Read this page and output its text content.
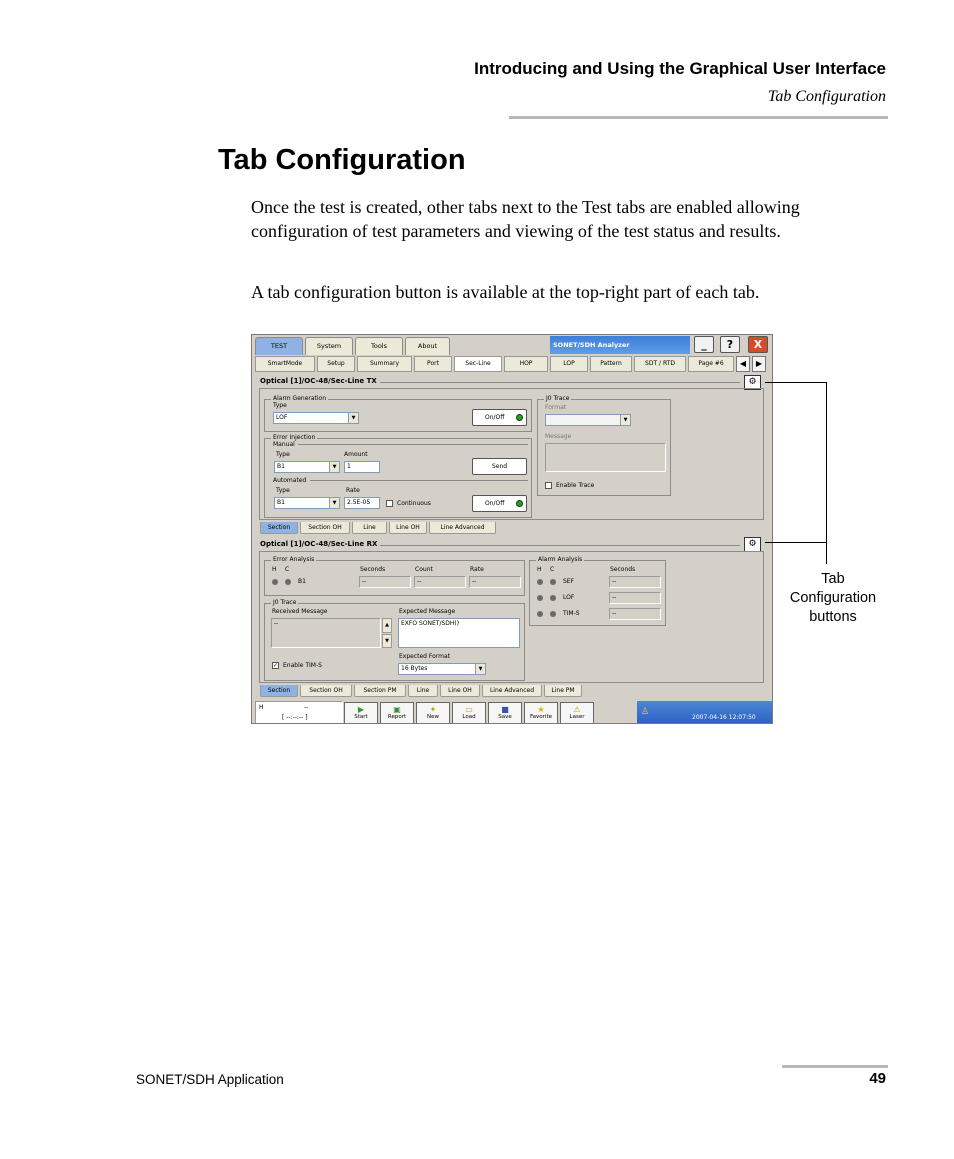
Introducing and Using the Graphical User Interface
Tab Configuration
Tab Configuration
Once the test is created, other tabs next to the Test tabs are enabled allowing configuration of test parameters and viewing of the test status and results.
A tab configuration button is available at the top-right part of each tab.
TEST	System	Tools	About	SONET/SDH Analyzer	_	?	X
SmartMode	Setup	Summary	Port	Sec-Line	HOP	LOP	Pattern	SDT / RTD	Page #6	◀	▶
Optical [1]/OC-48/Sec-Line TX	⚙
Alarm Generation
Type
LOF	▼	On/Off
Error Injection
Manual
Type	Amount
B1	▼	1	Send
Automated
Type	Rate
B1	▼	2.5E-05	Continuous	On/Off
J0 Trace
Format
▼
Message
Enable Trace
Section	Section OH	Line	Line OH	Line Advanced
Optical [1]/OC-48/Sec-Line RX	⚙
Error Analysis
H C	Seconds	Count	Rate
B1	--	--	--
Alarm Analysis
H C	Seconds
SEF	--
LOF	--
TIM-S	--
J0 Trace
Received Message
--	▲
▼
Expected Message
EXFO SONET/SDH()
✓ Enable TIM-S
Expected Format
16 Bytes	▼
Section	Section OH	Section PM	Line	Line OH	Line Advanced	Line PM
H	--
[ --:--:-- ]
▶
Start
▣
Report
✦
New
▭
Load
■
Save
★
Favorite
⚠
Laser	♙
2007-04-16 12:07:50
Tab
Configuration
buttons
SONET/SDH Application	49
